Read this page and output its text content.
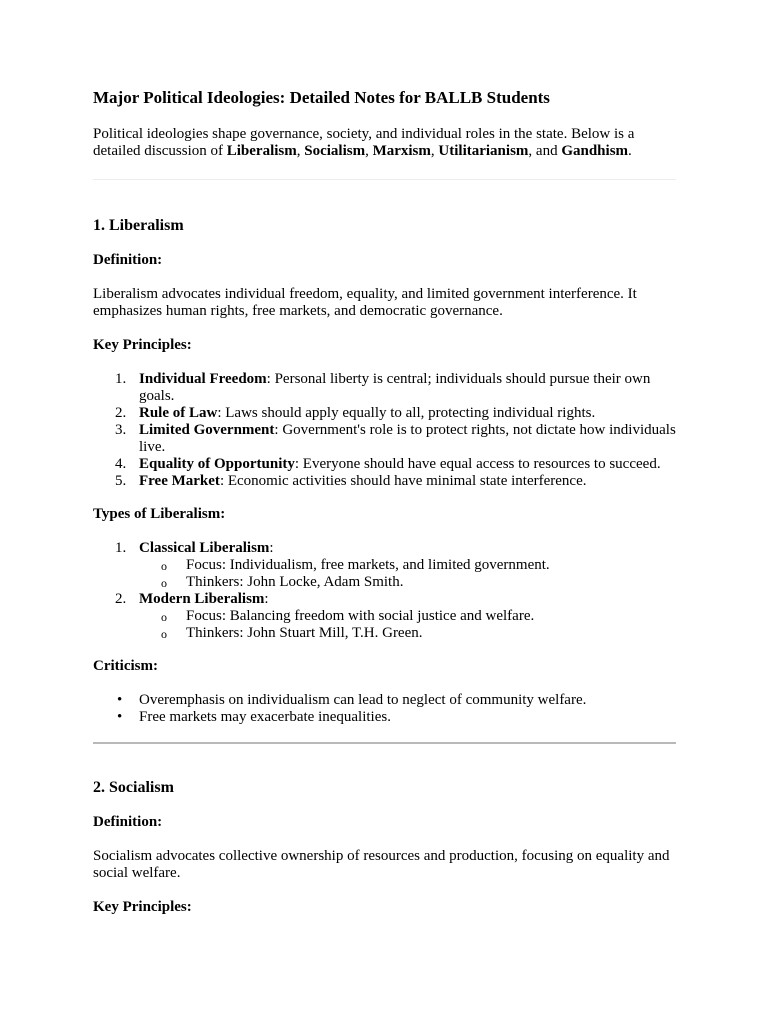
Major Political Ideologies: Detailed Notes for BALLB Students

Political ideologies shape governance, society, and individual roles in the state. Below is a detailed discussion of Liberalism, Socialism, Marxism, Utilitarianism, and Gandhism.

1. Liberalism
Definition:

Liberalism advocates individual freedom, equality, and limited government interference. It emphasizes human rights, free markets, and democratic governance.

Key Principles:
1. Individual Freedom: Personal liberty is central; individuals should pursue their own goals.
2. Rule of Law: Laws should apply equally to all, protecting individual rights.
3. Limited Government: Government's role is to protect rights, not dictate how individuals live.
4. Equality of Opportunity: Everyone should have equal access to resources to succeed.
5. Free Market: Economic activities should have minimal state interference.
Types of Liberalism:
1. Classical Liberalism:
o Focus: Individualism, free markets, and limited government.
o Thinkers: John Locke, Adam Smith.
2. Modern Liberalism:
o Focus: Balancing freedom with social justice and welfare.
o Thinkers: John Stuart Mill, T.H. Green.
Criticism:
• Overemphasis on individualism can lead to neglect of community welfare.
• Free markets may exacerbate inequalities.
2. Socialism
Definition:

Socialism advocates collective ownership of resources and production, focusing on equality and social welfare.

Key Principles:
